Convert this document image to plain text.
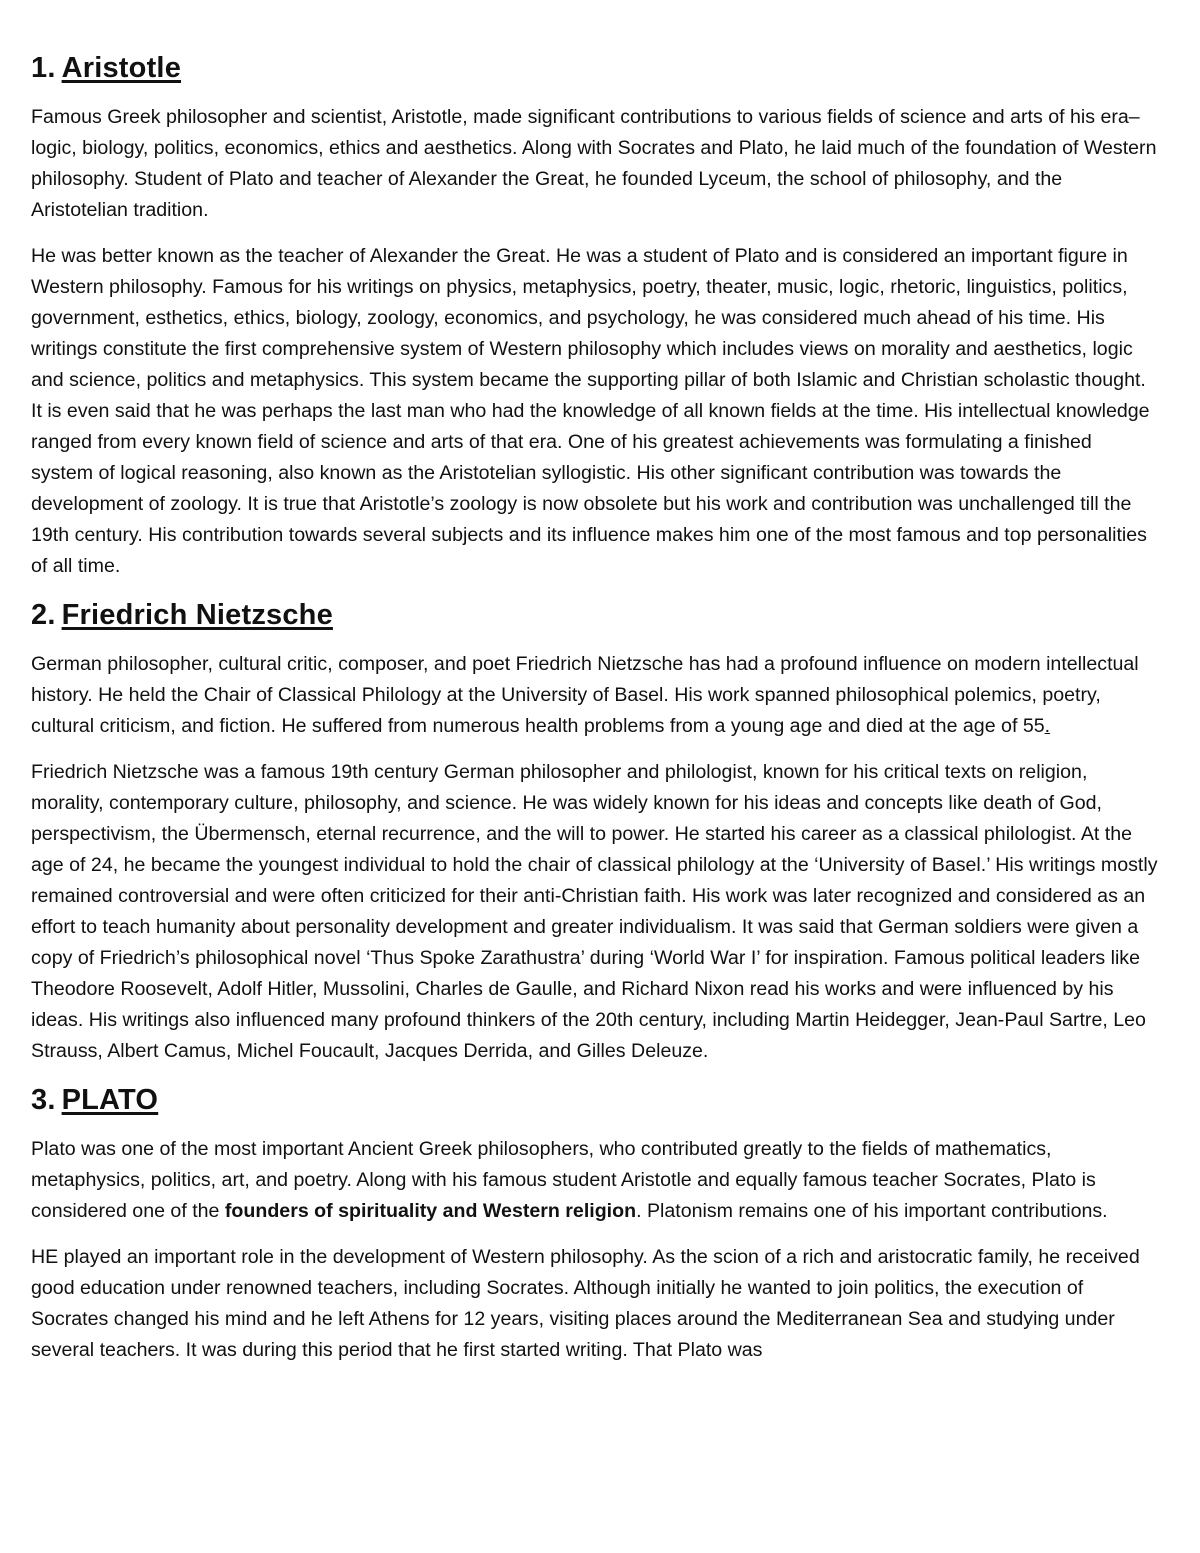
1. Aristotle

Famous Greek philosopher and scientist, Aristotle, made significant contributions to various fields of science and arts of his era–logic, biology, politics, economics, ethics and aesthetics. Along with Socrates and Plato, he laid much of the foundation of Western philosophy. Student of Plato and teacher of Alexander the Great, he founded Lyceum, the school of philosophy, and the Aristotelian tradition.

He was better known as the teacher of Alexander the Great. He was a student of Plato and is considered an important figure in Western philosophy. Famous for his writings on physics, metaphysics, poetry, theater, music, logic, rhetoric, linguistics, politics, government, esthetics, ethics, biology, zoology, economics, and psychology, he was considered much ahead of his time. His writings constitute the first comprehensive system of Western philosophy which includes views on morality and aesthetics, logic and science, politics and metaphysics. This system became the supporting pillar of both Islamic and Christian scholastic thought. It is even said that he was perhaps the last man who had the knowledge of all known fields at the time. His intellectual knowledge ranged from every known field of science and arts of that era. One of his greatest achievements was formulating a finished system of logical reasoning, also known as the Aristotelian syllogistic. His other significant contribution was towards the development of zoology. It is true that Aristotle’s zoology is now obsolete but his work and contribution was unchallenged till the 19th century. His contribution towards several subjects and its influence makes him one of the most famous and top personalities of all time.

2. Friedrich Nietzsche

German philosopher, cultural critic, composer, and poet Friedrich Nietzsche has had a profound influence on modern intellectual history. He held the Chair of Classical Philology at the University of Basel. His work spanned philosophical polemics, poetry, cultural criticism, and fiction. He suffered from numerous health problems from a young age and died at the age of 55.

Friedrich Nietzsche was a famous 19th century German philosopher and philologist, known for his critical texts on religion, morality, contemporary culture, philosophy, and science. He was widely known for his ideas and concepts like death of God, perspectivism, the Übermensch, eternal recurrence, and the will to power. He started his career as a classical philologist. At the age of 24, he became the youngest individual to hold the chair of classical philology at the ‘University of Basel.’ His writings mostly remained controversial and were often criticized for their anti-Christian faith. His work was later recognized and considered as an effort to teach humanity about personality development and greater individualism. It was said that German soldiers were given a copy of Friedrich’s philosophical novel ‘Thus Spoke Zarathustra’ during ‘World War I’ for inspiration. Famous political leaders like Theodore Roosevelt, Adolf Hitler, Mussolini, Charles de Gaulle, and Richard Nixon read his works and were influenced by his ideas. His writings also influenced many profound thinkers of the 20th century, including Martin Heidegger, Jean-Paul Sartre, Leo Strauss, Albert Camus, Michel Foucault, Jacques Derrida, and Gilles Deleuze.

3. PLATO

Plato was one of the most important Ancient Greek philosophers, who contributed greatly to the fields of mathematics, metaphysics, politics, art, and poetry. Along with his famous student Aristotle and equally famous teacher Socrates, Plato is considered one of the founders of spirituality and Western religion. Platonism remains one of his important contributions.

HE played an important role in the development of Western philosophy. As the scion of a rich and aristocratic family, he received good education under renowned teachers, including Socrates. Although initially he wanted to join politics, the execution of Socrates changed his mind and he left Athens for 12 years, visiting places around the Mediterranean Sea and studying under several teachers. It was during this period that he first started writing. That Plato was
